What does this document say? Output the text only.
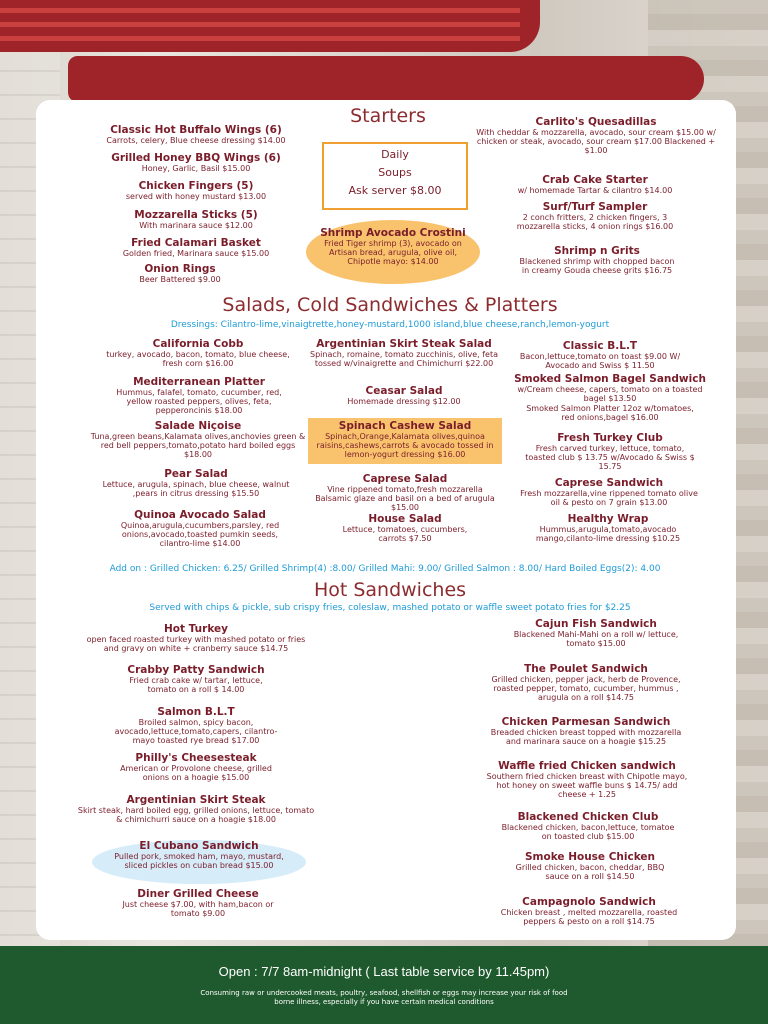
Starters
Daily
Soups
Ask server $8.00
Classic Hot Buffalo Wings (6)
Carrots, celery, Blue cheese dressing $14.00
Grilled Honey BBQ Wings (6)
Honey, Garlic, Basil $15.00
Chicken Fingers (5)
served with honey mustard $13.00
Mozzarella Sticks (5)
With marinara sauce $12.00
Fried Calamari Basket
Golden fried, Marinara sauce $15.00
Onion Rings
Beer Battered $9.00
Shrimp Avocado Crostini
Fried Tiger shrimp (3), avocado on Artisan bread, arugula, olive oil, Chipotle mayo: $14.00
Carlito's Quesadillas
With cheddar & mozzarella, avocado, sour cream $15.00 w/ chicken or steak, avocado, sour cream $17.00 Blackened + $1.00
Crab Cake Starter
w/ homemade Tartar & cilantro $14.00
Surf/Turf Sampler
2 conch fritters, 2 chicken fingers, 3 mozzarella sticks, 4 onion rings $16.00
Shrimp n Grits
Blackened shrimp with chopped bacon in creamy Gouda cheese grits $16.75
Salads, Cold Sandwiches & Platters
Dressings: Cilantro-lime,vinaigtrette,honey-mustard,1000 island,blue cheese,ranch,lemon-yogurt
California Cobb
turkey, avocado, bacon, tomato, blue cheese, fresh corn $16.00
Mediterranean Platter
Hummus, falafel, tomato, cucumber, red, yellow roasted peppers, olives, feta, pepperoncinis $18.00
Salade Niçoise
Tuna,green beans,Kalamata olives,anchovies green & red bell peppers,tomato,potato hard boiled eggs $18.00
Pear Salad
Lettuce, arugula, spinach, blue cheese, walnut ,pears in citrus dressing $15.50
Quinoa Avocado Salad
Quinoa,arugula,cucumbers,parsley, red onions,avocado,toasted pumkin seeds, cilantro-lime $14.00
Argentinian Skirt Steak Salad
Spinach, romaine, tomato zucchinis, olive, feta tossed w/vinaigrette and Chimichurri $22.00
Ceasar Salad
Homemade dressing $12.00
Spinach Cashew Salad
Spinach,Orange,Kalamata olives,quinoa raisins,cashews,carrots & avocado tossed in lemon-yogurt dressing $16.00
Caprese Salad
Vine rippened tomato,fresh mozzarella Balsamic glaze and basil on a bed of arugula $15.00
House Salad
Lettuce, tomatoes, cucumbers, carrots $7.50
Classic B.L.T
Bacon,lettuce,tomato on toast $9.00 W/ Avocado and Swiss $ 11.50
Smoked Salmon Bagel Sandwich
w/Cream cheese, capers, tomato on a toasted bagel $13.50
Smoked Salmon Platter 12oz w/tomatoes, red onions,bagel $16.00
Fresh Turkey Club
Fresh carved turkey, lettuce, tomato, toasted club $ 13.75 w/Avocado & Swiss $ 15.75
Caprese Sandwich
Fresh mozzarella,vine rippened tomato olive oil & pesto on 7 grain $13.00
Healthy Wrap
Hummus,arugula,tomato,avocado mango,cilanto-lime dressing $10.25
Add on : Grilled Chicken: 6.25/ Grilled Shrimp(4) :8.00/ Grilled Mahi: 9.00/ Grilled Salmon : 8.00/ Hard Boiled Eggs(2): 4.00
Hot Sandwiches
Served with chips & pickle, sub crispy fries, coleslaw, mashed potato or waffle sweet potato fries for $2.25
Hot Turkey
open faced roasted turkey with mashed potato or fries and gravy on white + cranberry sauce $14.75
Crabby Patty Sandwich
Fried crab cake w/ tartar, lettuce, tomato on a roll $ 14.00
Salmon B.L.T
Broiled salmon, spicy bacon, avocado,lettuce,tomato,capers, cilantro-mayo toasted rye bread $17.00
Philly's Cheesesteak
American or Provolone cheese, grilled onions on a hoagie $15.00
Argentinian Skirt Steak
Skirt steak, hard boiled egg, grilled onions, lettuce, tomato & chimichurri sauce on a hoagie $18.00
El Cubano Sandwich
Pulled pork, smoked ham, mayo, mustard, sliced pickles on cuban bread $15.00
Diner Grilled Cheese
Just cheese $7.00, with ham,bacon or tomato $9.00
Cajun Fish Sandwich
Blackened Mahi-Mahi on a roll w/ lettuce, tomato $15.00
The Poulet Sandwich
Grilled chicken, pepper jack, herb de Provence, roasted pepper, tomato, cucumber, hummus , arugula on a roll $14.75
Chicken Parmesan Sandwich
Breaded chicken breast topped with mozzarella and marinara sauce on a hoagie $15.25
Waffle fried Chicken sandwich
Southern fried chicken breast with Chipotle mayo, hot honey on sweet waffle buns $ 14.75/ add cheese + 1.25
Blackened Chicken Club
Blackened chicken, bacon,lettuce, tomatoe on toasted club $15.00
Smoke House Chicken
Grilled chicken, bacon, cheddar, BBQ sauce on a roll $14.50
Campagnolo Sandwich
Chicken breast , melted mozzarella, roasted peppers & pesto on a roll $14.75
Open : 7/7 8am-midnight ( Last table service by 11.45pm)
Consuming raw or undercooked meats, poultry, seafood, shellfish or eggs may increase your risk of food borne illness, especially if you have certain medical conditions
